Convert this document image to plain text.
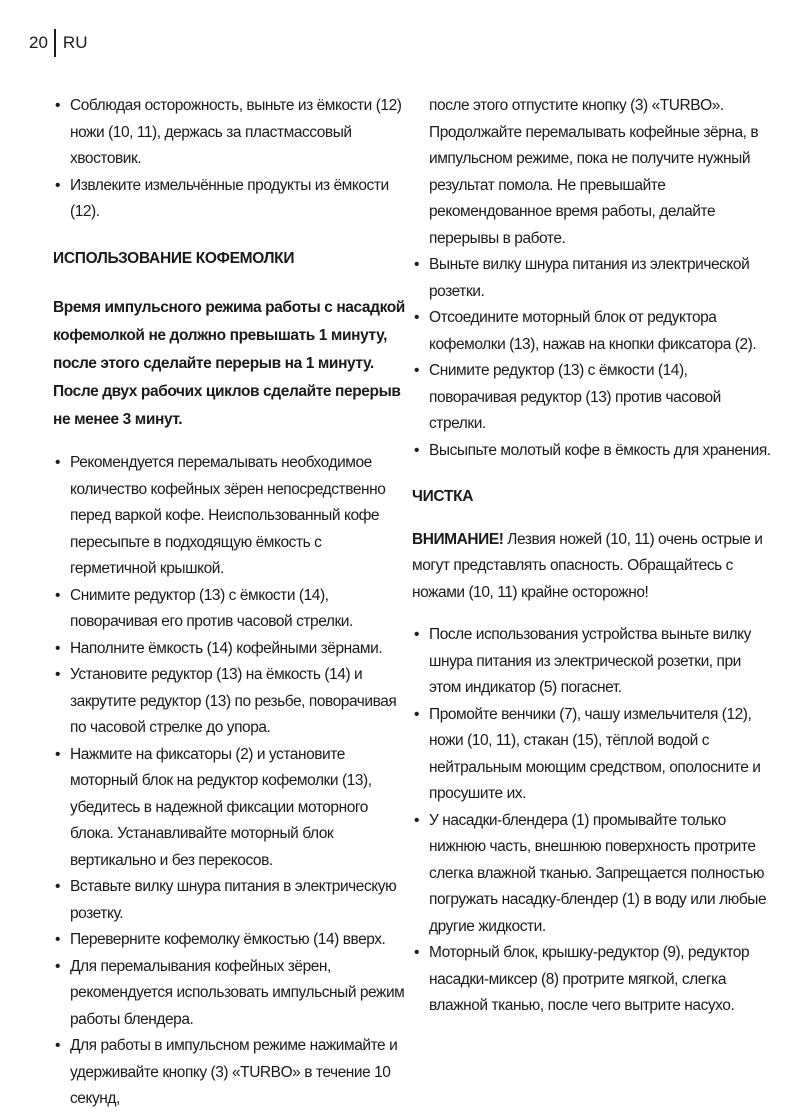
20 RU
• Соблюдая осторожность, выньте из ёмкости (12) ножи (10, 11), держась за пластмассовый хвостовик.
• Извлеките измельчённые продукты из ёмкости (12).
ИСПОЛЬЗОВАНИЕ КОФЕМОЛКИ

Время импульсного режима работы с насадкой кофемолкой не должно превышать 1 минуту, после этого сделайте перерыв на 1 минуту. После двух рабочих циклов сделайте перерыв не менее 3 минут.

• Рекомендуется перемалывать необходимое количество кофейных зёрен непосредственно перед варкой кофе. Неиспользованный кофе пересыпьте в подходящую ёмкость с герметичной крышкой.
• Снимите редуктор (13) с ёмкости (14), поворачивая его против часовой стрелки.
• Наполните ёмкость (14) кофейными зёрнами.
• Установите редуктор (13) на ёмкость (14) и закрутите редуктор (13) по резьбе, поворачивая по часовой стрелке до упора.
• Нажмите на фиксаторы (2) и установите моторный блок на редуктор кофемолки (13), убедитесь в надежной фиксации моторного блока. Устанавливайте моторный блок вертикально и без перекосов.
• Вставьте вилку шнура питания в электрическую розетку.
• Переверните кофемолку ёмкостью (14) вверх.
• Для перемалывания кофейных зёрен, рекомендуется использовать импульсный режим работы блендера.
• Для работы в импульсном режиме нажимайте и удерживайте кнопку (3) «TURBO» в течение 10 секунд,
после этого отпустите кнопку (3) «TURBO». Продолжайте перемалывать кофейные зёрна, в импульсном режиме, пока не получите нужный результат помола. Не превышайте рекомендованное время работы, делайте перерывы в работе.
• Выньте вилку шнура питания из электрической розетки.
• Отсоедините моторный блок от редуктора кофемолки (13), нажав на кнопки фиксатора (2).
• Снимите редуктор (13) с ёмкости (14), поворачивая редуктор (13) против часовой стрелки.
• Высыпьте молотый кофе в ёмкость для хранения.
ЧИСТКА

ВНИМАНИЕ! Лезвия ножей (10, 11) очень острые и могут представлять опасность. Обращайтесь с ножами (10, 11) крайне осторожно!

• После использования устройства выньте вилку шнура питания из электрической розетки, при этом индикатор (5) погаснет.
• Промойте венчики (7), чашу измельчителя (12), ножи (10, 11), стакан (15), тёплой водой с нейтральным моющим средством, ополосните и просушите их.
• У насадки-блендера (1) промывайте только нижнюю часть, внешнюю поверхность протрите слегка влажной тканью. Запрещается полностью погружать насадку-блендер (1) в воду или любые другие жидкости.
• Моторный блок, крышку-редуктор (9), редуктор насадки-миксер (8) протрите мягкой, слегка влажной тканью, после чего вытрите насухо.
